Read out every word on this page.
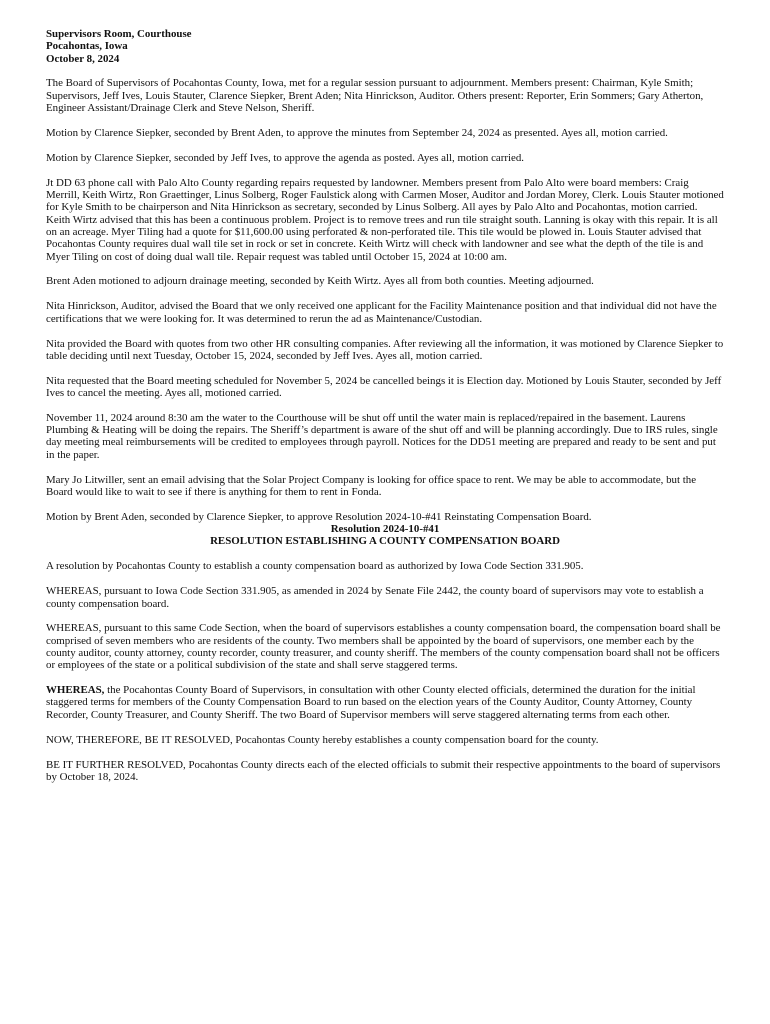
Supervisors Room, Courthouse
Pocahontas, Iowa
October 8, 2024

The Board of Supervisors of Pocahontas County, Iowa, met for a regular session pursuant to adjournment. Members present: Chairman, Kyle Smith; Supervisors, Jeff Ives, Louis Stauter, Clarence Siepker, Brent Aden; Nita Hinrickson, Auditor. Others present: Reporter, Erin Sommers; Gary Atherton, Engineer Assistant/Drainage Clerk and Steve Nelson, Sheriff.

Motion by Clarence Siepker, seconded by Brent Aden, to approve the minutes from September 24, 2024 as presented. Ayes all, motion carried.

Motion by Clarence Siepker, seconded by Jeff Ives, to approve the agenda as posted. Ayes all, motion carried.

Jt DD 63 phone call with Palo Alto County regarding repairs requested by landowner. Members present from Palo Alto were board members: Craig Merrill, Keith Wirtz, Ron Graettinger, Linus Solberg, Roger Faulstick along with Carmen Moser, Auditor and Jordan Morey, Clerk. Louis Stauter motioned for Kyle Smith to be chairperson and Nita Hinrickson as secretary, seconded by Linus Solberg. All ayes by Palo Alto and Pocahontas, motion carried. Keith Wirtz advised that this has been a continuous problem. Project is to remove trees and run tile straight south. Lanning is okay with this repair. It is all on an acreage. Myer Tiling had a quote for $11,600.00 using perforated & non-perforated tile. This tile would be plowed in. Louis Stauter advised that Pocahontas County requires dual wall tile set in rock or set in concrete. Keith Wirtz will check with landowner and see what the depth of the tile is and Myer Tiling on cost of doing dual wall tile. Repair request was tabled until October 15, 2024 at 10:00 am.

Brent Aden motioned to adjourn drainage meeting, seconded by Keith Wirtz. Ayes all from both counties. Meeting adjourned.

Nita Hinrickson, Auditor, advised the Board that we only received one applicant for the Facility Maintenance position and that individual did not have the certifications that we were looking for. It was determined to rerun the ad as Maintenance/Custodian.

Nita provided the Board with quotes from two other HR consulting companies. After reviewing all the information, it was motioned by Clarence Siepker to table deciding until next Tuesday, October 15, 2024, seconded by Jeff Ives. Ayes all, motion carried.

Nita requested that the Board meeting scheduled for November 5, 2024 be cancelled beings it is Election day. Motioned by Louis Stauter, seconded by Jeff Ives to cancel the meeting. Ayes all, motioned carried.

November 11, 2024 around 8:30 am the water to the Courthouse will be shut off until the water main is replaced/repaired in the basement. Laurens Plumbing & Heating will be doing the repairs. The Sheriff’s department is aware of the shut off and will be planning accordingly. Due to IRS rules, single day meeting meal reimbursements will be credited to employees through payroll. Notices for the DD51 meeting are prepared and ready to be sent and put in the paper.

Mary Jo Litwiller, sent an email advising that the Solar Project Company is looking for office space to rent. We may be able to accommodate, but the Board would like to wait to see if there is anything for them to rent in Fonda.

Motion by Brent Aden, seconded by Clarence Siepker, to approve Resolution 2024-10-#41 Reinstating Compensation Board.

Resolution 2024-10-#41
RESOLUTION ESTABLISHING A COUNTY COMPENSATION BOARD

A resolution by Pocahontas County to establish a county compensation board as authorized by Iowa Code Section 331.905.

WHEREAS, pursuant to Iowa Code Section 331.905, as amended in 2024 by Senate File 2442, the county board of supervisors may vote to establish a county compensation board.

WHEREAS, pursuant to this same Code Section, when the board of supervisors establishes a county compensation board, the compensation board shall be comprised of seven members who are residents of the county. Two members shall be appointed by the board of supervisors, one member each by the county auditor, county attorney, county recorder, county treasurer, and county sheriff. The members of the county compensation board shall not be officers or employees of the state or a political subdivision of the state and shall serve staggered terms.

WHEREAS, the Pocahontas County Board of Supervisors, in consultation with other County elected officials, determined the duration for the initial staggered terms for members of the County Compensation Board to run based on the election years of the County Auditor, County Attorney, County Recorder, County Treasurer, and County Sheriff. The two Board of Supervisor members will serve staggered alternating terms from each other.

NOW, THEREFORE, BE IT RESOLVED, Pocahontas County hereby establishes a county compensation board for the county.

BE IT FURTHER RESOLVED, Pocahontas County directs each of the elected officials to submit their respective appointments to the board of supervisors by October 18, 2024.
